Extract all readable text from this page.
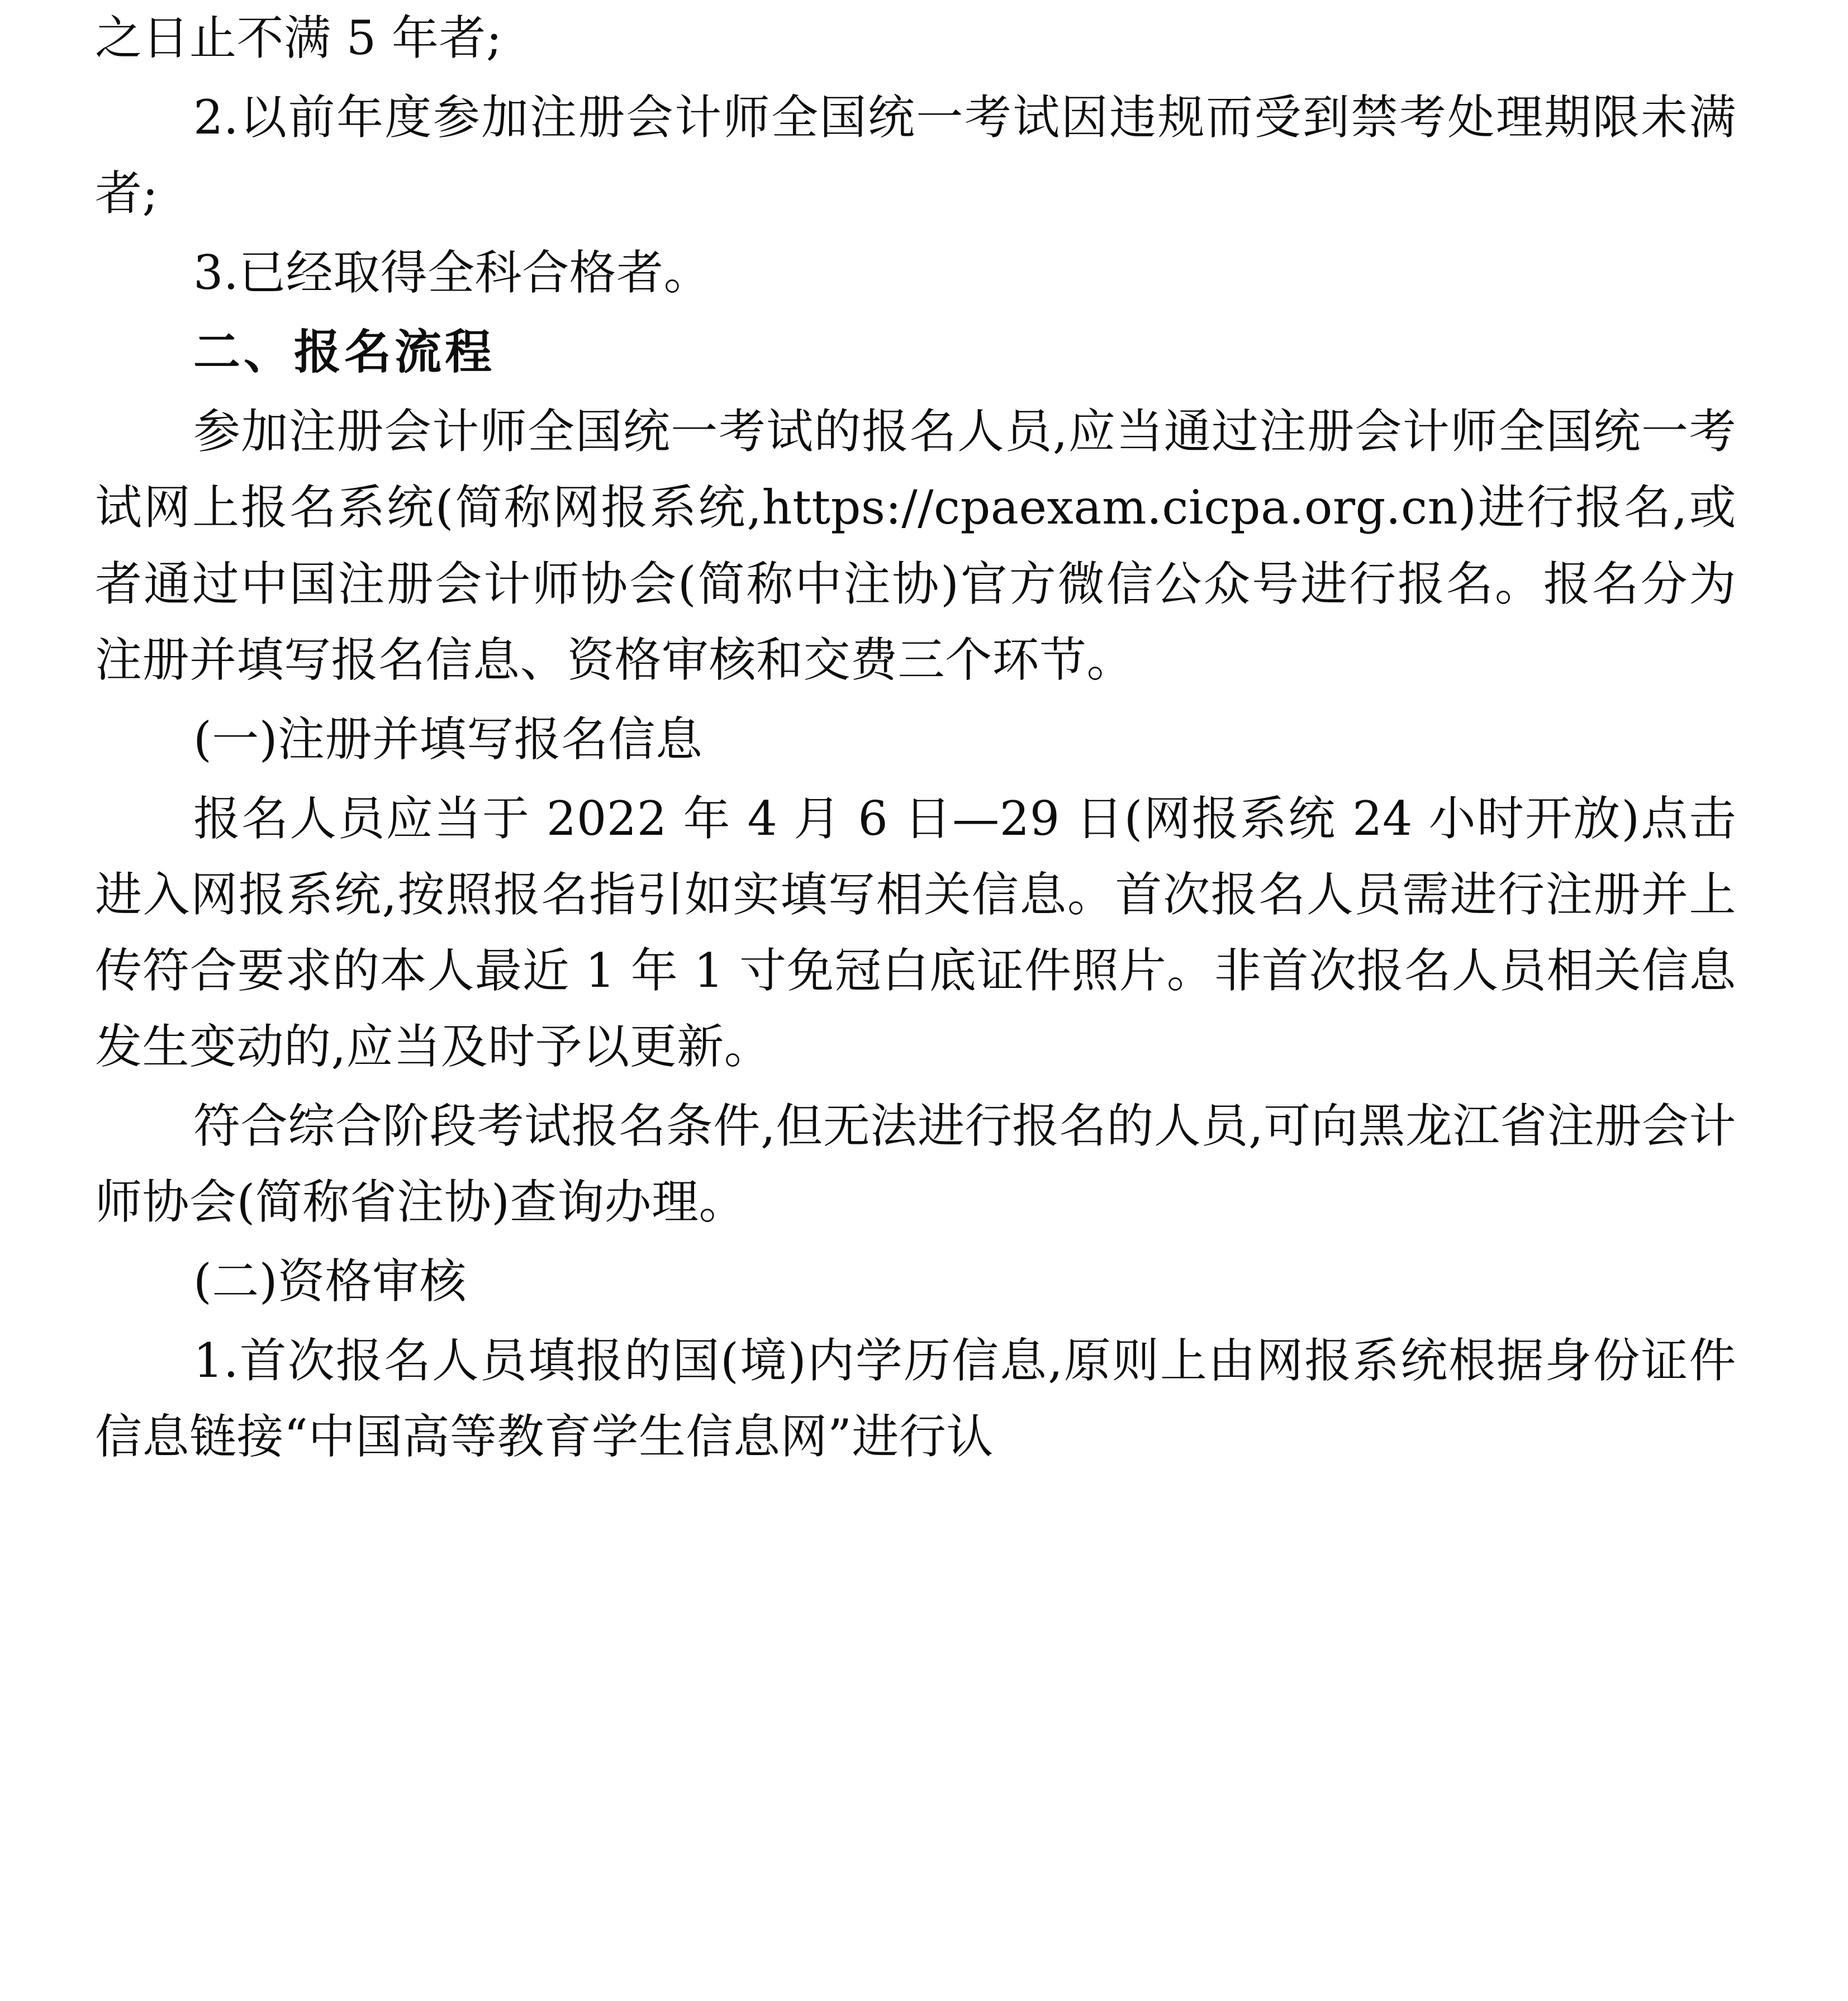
之日止不满 5 年者;

2.以前年度参加注册会计师全国统一考试因违规而受到禁考处理期限未满者;

3.已经取得全科合格者。

二、报名流程

参加注册会计师全国统一考试的报名人员,应当通过注册会计师全国统一考试网上报名系统(简称网报系统,https://cpaexam.cicpa.org.cn)进行报名,或者通过中国注册会计师协会(简称中注协)官方微信公众号进行报名。报名分为注册并填写报名信息、资格审核和交费三个环节。

(一)注册并填写报名信息

报名人员应当于 2022 年 4 月 6 日—29 日(网报系统 24 小时开放)点击进入网报系统,按照报名指引如实填写相关信息。首次报名人员需进行注册并上传符合要求的本人最近 1 年 1 寸免冠白底证件照片。非首次报名人员相关信息发生变动的,应当及时予以更新。

符合综合阶段考试报名条件,但无法进行报名的人员,可向黑龙江省注册会计师协会(简称省注协)查询办理。

(二)资格审核

1.首次报名人员填报的国(境)内学历信息,原则上由网报系统根据身份证件信息链接“中国高等教育学生信息网”进行认
